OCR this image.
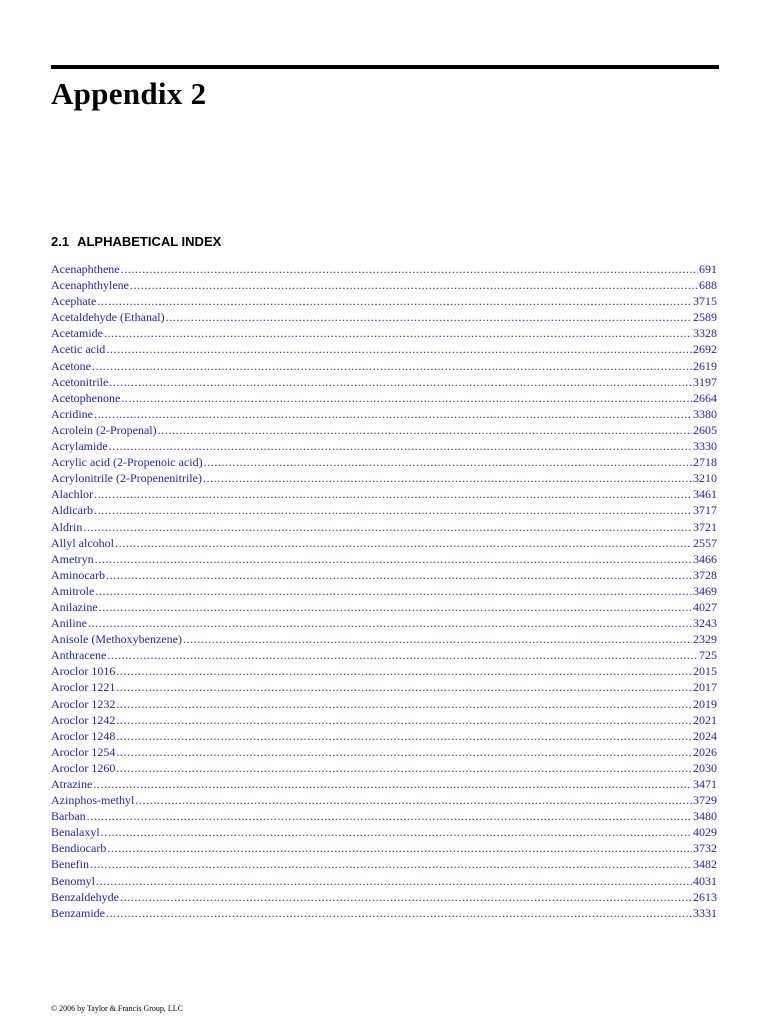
Appendix 2
2.1 ALPHABETICAL INDEX
Acenaphthene .....	691
Acenaphthylene .....	688
Acephate .....	3715
Acetaldehyde (Ethanal) .....	2589
Acetamide .....	3328
Acetic acid .....	2692
Acetone .....	2619
Acetonitrile .....	3197
Acetophenone .....	2664
Acridine .....	3380
Acrolein (2-Propenal) .....	2605
Acrylamide .....	3330
Acrylic acid (2-Propenoic acid) .....	2718
Acrylonitrile (2-Propenenitrile) .....	3210
Alachlor .....	3461
Aldicarb .....	3717
Aldrin .....	3721
Allyl alcohol .....	2557
Ametryn .....	3466
Aminocarb .....	3728
Amitrole .....	3469
Anilazine .....	4027
Aniline .....	3243
Anisole (Methoxybenzene) .....	2329
Anthracene .....	725
Aroclor 1016 .....	2015
Aroclor 1221 .....	2017
Aroclor 1232 .....	2019
Aroclor 1242 .....	2021
Aroclor 1248 .....	2024
Aroclor 1254 .....	2026
Aroclor 1260 .....	2030
Atrazine .....	3471
Azinphos-methyl .....	3729
Barban .....	3480
Benalaxyl .....	4029
Bendiocarb .....	3732
Benefin .....	3482
Benomyl .....	4031
Benzaldehyde .....	2613
Benzamide .....	3331

© 2006 by Taylor & Francis Group, LLC
